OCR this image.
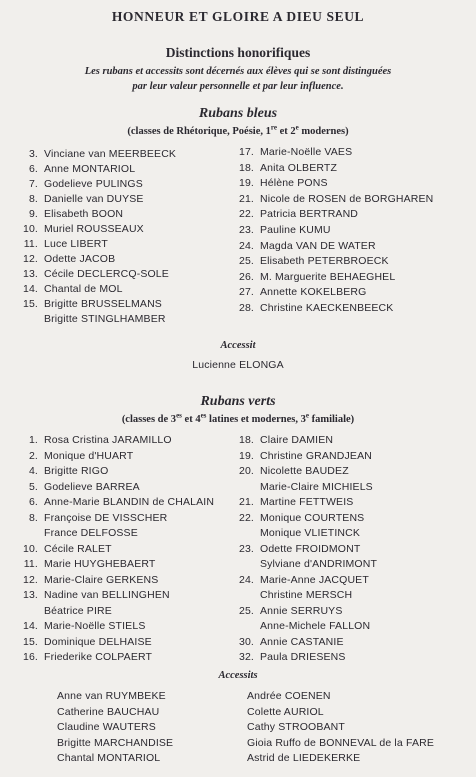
HONNEUR ET GLOIRE A DIEU SEUL
Distinctions honorifiques
Les rubans et accessits sont décernés aux élèves qui se sont distinguées
par leur valeur personnelle et par leur influence.
Rubans bleus
(classes de Rhétorique, Poésie, 1re et 2e modernes)
3. Vinciane van MEERBEECK
6. Anne MONTARIOL
7. Godelieve PULINGS
8. Danielle van DUYSE
9. Elisabeth BOON
10. Muriel ROUSSEAUX
11. Luce LIBERT
12. Odette JACOB
13. Cécile DECLERCQ-SOLE
14. Chantal de MOL
15. Brigitte BRUSSELMANS
Brigitte STINGLHAMBER
17. Marie-Noëlle VAES
18. Anita OLBERTZ
19. Hélène PONS
21. Nicole de ROSEN de BORGHAREN
22. Patricia BERTRAND
23. Pauline KUMU
24. Magda VAN DE WATER
25. Elisabeth PETERBROECK
26. M. Marguerite BEHAEGHEL
27. Annette KOKELBERG
28. Christine KAECKENBEECK
Accessit
Lucienne ELONGA
Rubans verts
(classes de $3^{es}$ et $4^{es}$ latines et modernes, 3e familiale)
1. Rosa Cristina JARAMILLO
2. Monique d'HUART
4. Brigitte RIGO
5. Godelieve BARREA
6. Anne-Marie BLANDIN de CHALAIN
8. Françoise DE VISSCHER
France DELFOSSE
10. Cécile RALET
11. Marie HUYGHEBAERT
12. Marie-Claire GERKENS
13. Nadine van BELLINGHEN
Béatrice PIRE
14. Marie-Noëlle STIELS
15. Dominique DELHAISE
16. Friederike COLPAERT
18. Claire DAMIEN
19. Christine GRANDJEAN
20. Nicolette BAUDEZ
Marie-Claire MICHIELS
21. Martine FETTWEIS
22. Monique COURTENS
Monique VLIETINCK
23. Odette FROIDMONT
Sylviane d'ANDRIMONT
24. Marie-Anne JACQUET
Christine MERSCH
25. Annie SERRUYS
Anne-Michele FALLON
30. Annie CASTANIE
32. Paula DRIESENS
Accessits
Anne van RUYMBEKE
Catherine BAUCHAU
Claudine WAUTERS
Brigitte MARCHANDISE
Chantal MONTARIOL
Andrée COENEN
Colette AURIOL
Cathy STROOBANT
Gioia Ruffo de BONNEVAL de la FARE
Astrid de LIEDEKERKE
